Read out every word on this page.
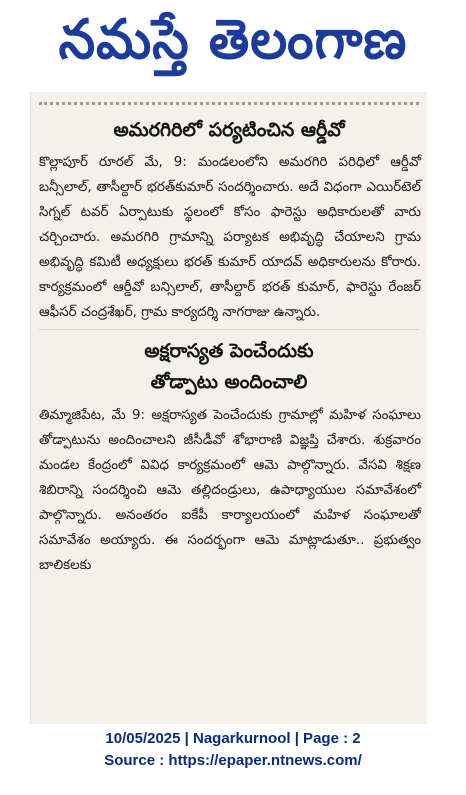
నమస్తే తెలంగాణ
అమరగిరిలో పర్యటించిన ఆర్డీవో

కొల్లాపూర్ రూరల్ మే, 9: మండలంలోని అమరగిరి పరిధిలో ఆర్డీవో బన్సీలాల్, తాసీల్దార్ భరత్‌కుమార్ సందర్శించారు. అదే విధంగా ఎయిర్‌టెల్ సిగ్నల్ టవర్ ఏర్పాటుకు స్థలంలో కోసం ఫారెస్టు అధికారులతో వారు చర్చించారు. అమరగిరి గ్రామాన్ని పర్యాటక అభివృద్ధి చేయాలని గ్రామ అభివృద్ధి కమిటీ అధ్యక్షులు భరత్ కుమార్ యాదవ్ అధికారులను కోరారు. కార్యక్రమంలో ఆర్డీవో బన్సిలాల్, తాసీల్దార్ భరత్ కుమార్, ఫారెస్టు రేంజర్ ఆఫీసర్ చంద్రశేఖర్, గ్రామ కార్యదర్శి నాగరాజు ఉన్నారు.

అక్షరాస్యత పెంచేందుకు
తోడ్పాటు అందించాలి

తిమ్మాజిపేట, మే 9: అక్షరాస్యత పెంచేందుకు గ్రామాల్లో మహిళ సంఘాలు తోడ్పాటును అందించాలని జీసీడీవో శోభారాణి విజ్ఞప్తి చేశారు. శుక్రవారం మండల కేంద్రంలో వివిధ కార్యక్రమంలో ఆమె పాల్గొన్నారు. వేసవి శిక్షణ శిబిరాన్ని సందర్శించి ఆమె తల్లిదండ్రులు, ఉపాధ్యాయుల సమావేశంలో పాల్గొన్నారు. అనంతరం ఐకేపీ కార్యాలయంలో మహిళ సంఘాలతో సమావేశం అయ్యారు. ఈ సందర్భంగా ఆమె మాట్లాడుతూ.. ప్రభుత్వం బాలికలకు

10/05/2025 | Nagarkurnool | Page : 2
Source : https://epaper.ntnews.com/
